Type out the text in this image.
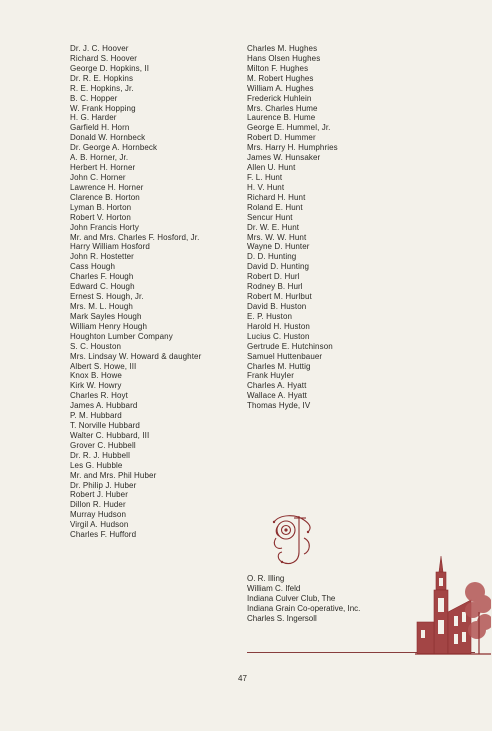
Dr. J. C. Hoover
Richard S. Hoover
George D. Hopkins, II
Dr. R. E. Hopkins
R. E. Hopkins, Jr.
B. C. Hopper
W. Frank Hopping
H. G. Harder
Garfield H. Horn
Donald W. Hornbeck
Dr. George A. Hornbeck
A. B. Horner, Jr.
Herbert H. Horner
John C. Horner
Lawrence H. Horner
Clarence B. Horton
Lyman B. Horton
Robert V. Horton
John Francis Horty
Mr. and Mrs. Charles F. Hosford, Jr.
Harry William Hosford
John R. Hostetter
Cass Hough
Charles F. Hough
Edward C. Hough
Ernest S. Hough, Jr.
Mrs. M. L. Hough
Mark Sayles Hough
William Henry Hough
Houghton Lumber Company
S. C. Houston
Mrs. Lindsay W. Howard & daughter
Albert S. Howe, III
Knox B. Howe
Kirk W. Howry
Charles R. Hoyt
James A. Hubbard
P. M. Hubbard
T. Norville Hubbard
Walter C. Hubbard, III
Grover C. Hubbell
Dr. R. J. Hubbell
Les G. Hubble
Mr. and Mrs. Phil Huber
Dr. Philip J. Huber
Robert J. Huber
Dillon R. Huder
Murray Hudson
Virgil A. Hudson
Charles F. Hufford
Charles M. Hughes
Hans Olsen Hughes
Milton F. Hughes
M. Robert Hughes
William A. Hughes
Frederick Huhlein
Mrs. Charles Hume
Laurence B. Hume
George E. Hummel, Jr.
Robert D. Hummer
Mrs. Harry H. Humphries
James W. Hunsaker
Allen U. Hunt
F. L. Hunt
H. V. Hunt
Richard H. Hunt
Roland E. Hunt
Sencur Hunt
Dr. W. E. Hunt
Mrs. W. W. Hunt
Wayne D. Hunter
D. D. Hunting
David D. Hunting
Robert D. Hurl
Rodney B. Hurl
Robert M. Hurlbut
David B. Huston
E. P. Huston
Harold H. Huston
Lucius C. Huston
Gertrude E. Hutchinson
Samuel Huttenbauer
Charles M. Huttig
Frank Huyler
Charles A. Hyatt
Wallace A. Hyatt
Thomas Hyde, IV
O. R. Illing
William C. Ifeld
Indiana Culver Club, The
Indiana Grain Co-operative, Inc.
Charles S. Ingersoll
47
